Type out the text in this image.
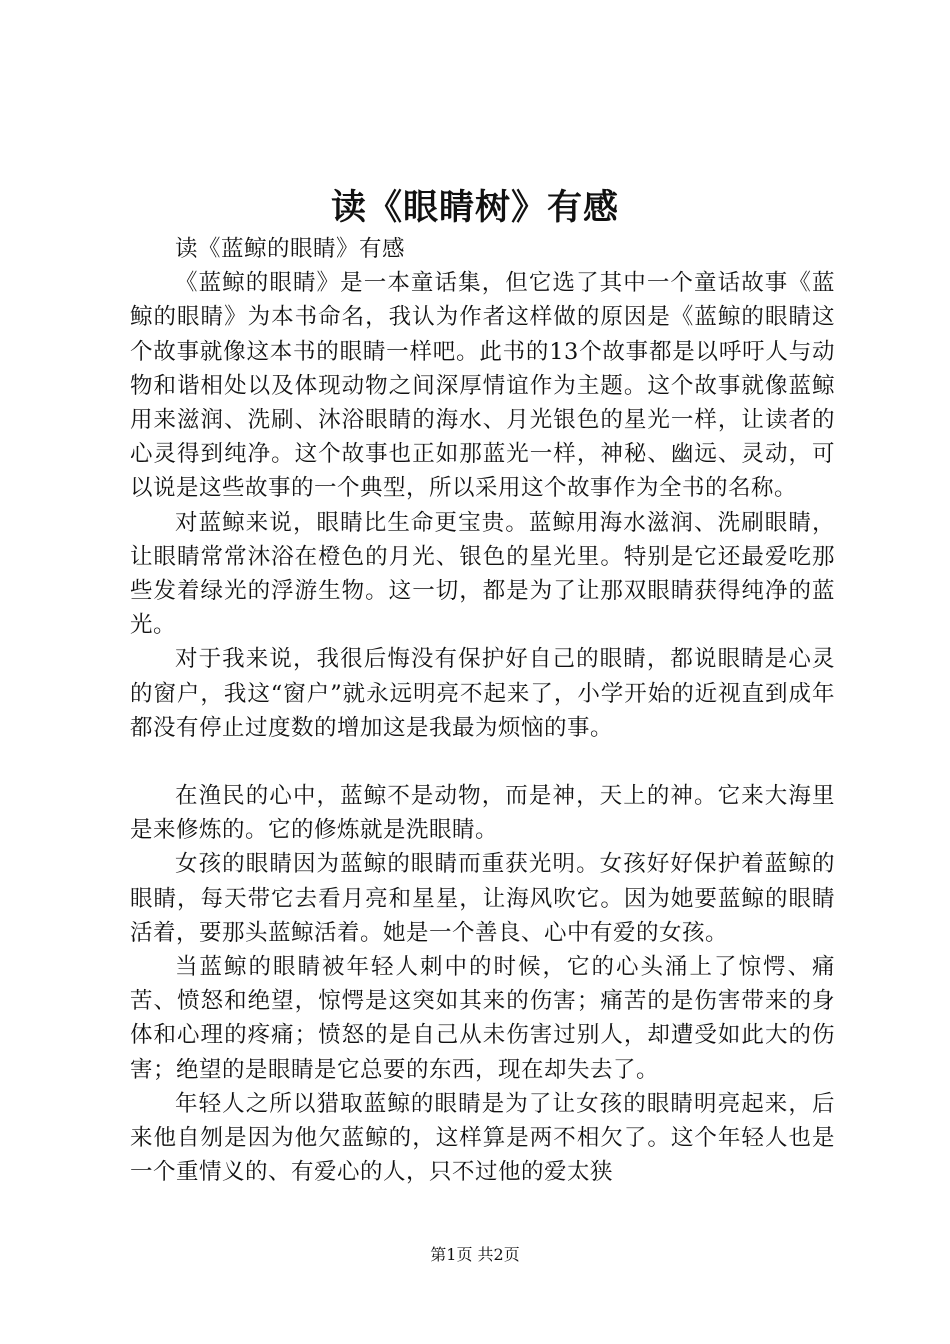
读《眼睛树》有感

读《蓝鲸的眼睛》有感

《蓝鲸的眼睛》是一本童话集，但它选了其中一个童话故事《蓝鲸的眼睛》为本书命名，我认为作者这样做的原因是《蓝鲸的眼睛这个故事就像这本书的眼睛一样吧。此书的13个故事都是以呼吁人与动物和谐相处以及体现动物之间深厚情谊作为主题。这个故事就像蓝鲸用来滋润、洗刷、沐浴眼睛的海水、月光银色的星光一样，让读者的心灵得到纯净。这个故事也正如那蓝光一样，神秘、幽远、灵动，可以说是这些故事的一个典型，所以采用这个故事作为全书的名称。

对蓝鲸来说，眼睛比生命更宝贵。蓝鲸用海水滋润、洗刷眼睛，让眼睛常常沐浴在橙色的月光、银色的星光里。特别是它还最爱吃那些发着绿光的浮游生物。这一切，都是为了让那双眼睛获得纯净的蓝光。

对于我来说，我很后悔没有保护好自己的眼睛，都说眼睛是心灵的窗户，我这“窗户”就永远明亮不起来了，小学开始的近视直到成年都没有停止过度数的增加这是我最为烦恼的事。

在渔民的心中，蓝鲸不是动物，而是神，天上的神。它来大海里是来修炼的。它的修炼就是洗眼睛。

女孩的眼睛因为蓝鲸的眼睛而重获光明。女孩好好保护着蓝鲸的眼睛，每天带它去看月亮和星星，让海风吹它。因为她要蓝鲸的眼睛活着，要那头蓝鲸活着。她是一个善良、心中有爱的女孩。

当蓝鲸的眼睛被年轻人刺中的时候，它的心头涌上了惊愕、痛苦、愤怒和绝望，惊愕是这突如其来的伤害；痛苦的是伤害带来的身体和心理的疼痛；愤怒的是自己从未伤害过别人，却遭受如此大的伤害；绝望的是眼睛是它总要的东西，现在却失去了。

年轻人之所以猎取蓝鲸的眼睛是为了让女孩的眼睛明亮起来，后来他自刎是因为他欠蓝鲸的，这样算是两不相欠了。这个年轻人也是一个重情义的、有爱心的人，只不过他的爱太狭

第1页 共2页
